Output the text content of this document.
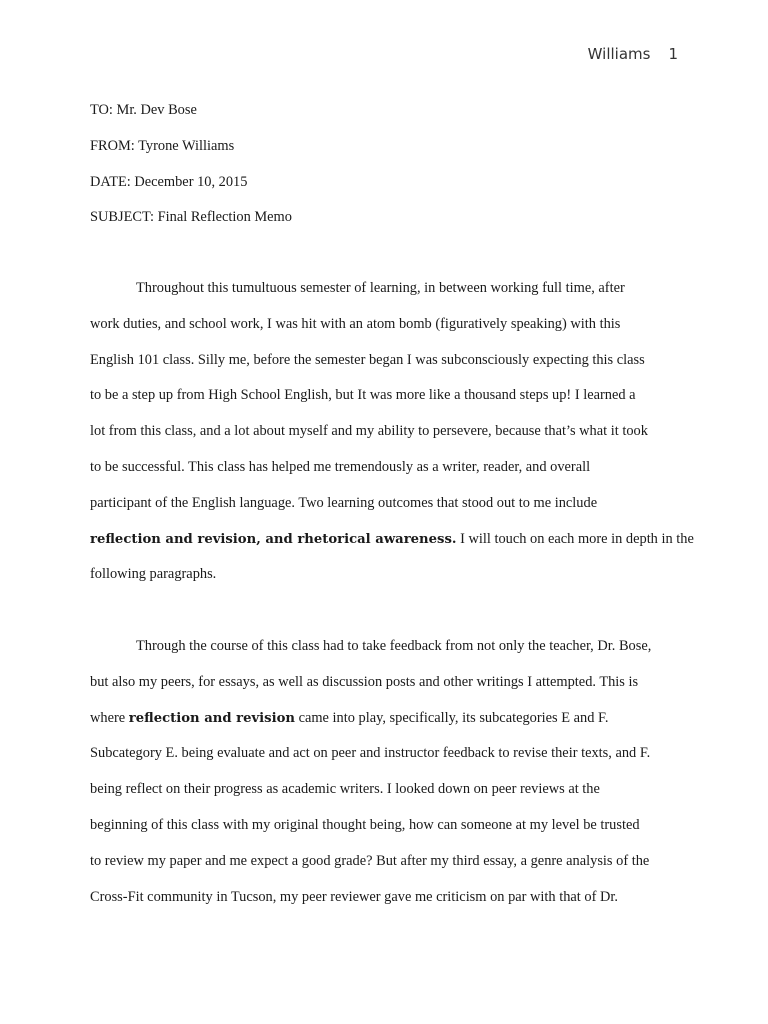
Williams 1
TO: Mr. Dev Bose
FROM: Tyrone Williams
DATE: December 10, 2015
SUBJECT: Final Reflection Memo
Throughout this tumultuous semester of learning, in between working full time, after
work duties, and school work, I was hit with an atom bomb (figuratively speaking) with this
English 101 class. Silly me, before the semester began I was subconsciously expecting this class
to be a step up from High School English, but It was more like a thousand steps up! I learned a
lot from this class, and a lot about myself and my ability to persevere, because that’s what it took
to be successful. This class has helped me tremendously as a writer, reader, and overall
participant of the English language. Two learning outcomes that stood out to me include
reflection and revision, and rhetorical awareness. I will touch on each more in depth in the
following paragraphs.
Through the course of this class had to take feedback from not only the teacher, Dr. Bose,
but also my peers, for essays, as well as discussion posts and other writings I attempted. This is
where reflection and revision came into play, specifically, its subcategories E and F.
Subcategory E. being evaluate and act on peer and instructor feedback to revise their texts, and F.
being reflect on their progress as academic writers. I looked down on peer reviews at the
beginning of this class with my original thought being, how can someone at my level be trusted
to review my paper and me expect a good grade? But after my third essay, a genre analysis of the
Cross-Fit community in Tucson, my peer reviewer gave me criticism on par with that of Dr.
